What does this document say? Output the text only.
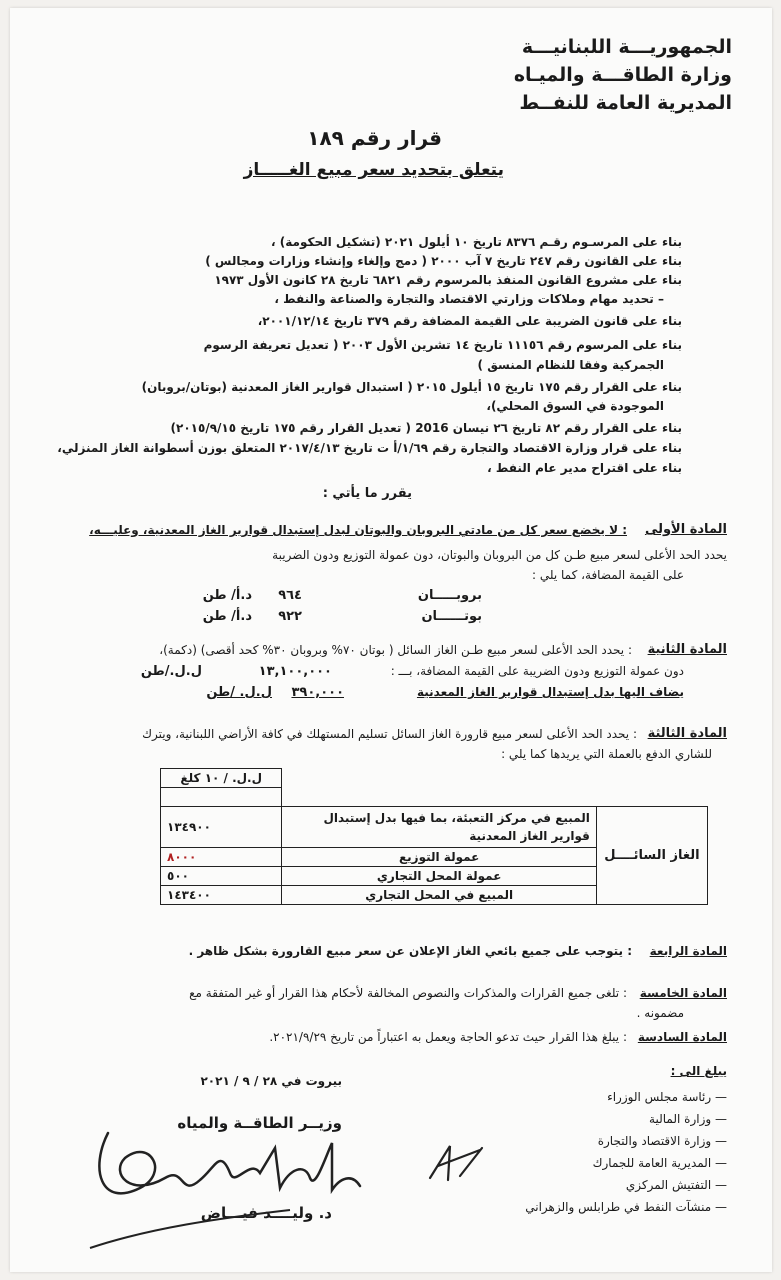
الجمهوريـــة اللبنانيـــة
وزارة الطاقـــة والميـاه
المديرية العامة للنفــط
قرار رقم ١٨٩
يتعلق بتحديد سعر مبيع الغـــــاز
بناء على المرسـوم رقـم ٨٣٧٦ تاريخ ١٠ أيلول ٢٠٢١ (تشكيل الحكومة) ،
بناء على القانون رقم ٢٤٧ تاريخ ٧ آب ٢٠٠٠ ( دمج وإلغاء وإنشاء وزارات ومجالس )
بناء على مشروع القانون المنفذ بالمرسوم رقم ٦٨٢١ تاريخ ٢٨ كانون الأول ١٩٧٣
– تحديد مهام وملاكات وزارتي الاقتصاد والتجارة والصناعة والنفط ،
بناء على قانون الضريبة على القيمة المضافة رقم ٣٧٩ تاريخ ٢٠٠١/١٢/١٤،
بناء على المرسوم رقم ١١١٥٦ تاريخ ١٤ تشرين الأول ٢٠٠٣ ( تعديل تعريفة الرسوم
الجمركية وفقا للنظام المنسق )
بناء على القرار رقم ١٧٥ تاريخ ١٥ أيلول ٢٠١٥ ( استبدال قوارير الغاز المعدنية (بوتان/بروبان)
الموجودة في السوق المحلي)،
بناء على القرار رقم ٨٢ تاريخ ٢٦ نيسان 2016 ( تعديل القرار رقم ١٧٥ تاريخ ٢٠١٥/٩/١٥)
بناء على قرار وزارة الاقتصاد والتجارة رقم ١/٦٩/أ ت تاريخ ٢٠١٧/٤/١٣ المتعلق بوزن أسطوانة الغاز المنزلي،
بناء على اقتراح مدير عام النفط ،
يقرر ما يأتي :
المادة الأولى
: لا يخضع سعر كل من مادتي البروبان والبوتان لبدل إستبدال قوارير الغاز المعدنية، وعليـــه،
يحدد الحد الأعلى لسعر مبيع طـن كل من البروبان والبوتان، دون عمولة التوزيع ودون الضريبة
على القيمة المضافة، كما يلي :
بروبـــــان
٩٦٤
د.أ/ طن
بوتــــــان
٩٢٢
د.أ/ طن
المادة الثانية
: يحدد الحد الأعلى لسعر مبيع طـن الغاز السائل ( بوتان ٧٠% وبروبان ٣٠% كحد أقصى) (دكمة)،
دون عمولة التوزيع ودون الضريبة على القيمة المضافة، بـــ :
١٣,١٠٠,٠٠٠
ل.ل./طن
يضاف اليها بدل إستبدال قوارير الغاز المعدنية
٣٩٠,٠٠٠
ل.ل. /طن
المادة الثالثة
: يحدد الحد الأعلى لسعر مبيع قارورة الغاز السائل تسليم المستهلك في كافة الأراضي اللبنانية، ويترك
للشاري الدفع بالعملة التي يريدها كما يلي :
		ل.ل. / ١٠ كلغ

الغاز السائــــل	المبيع في مركز التعبئة، بما فيها بدل إستبدال قوارير الغاز المعدنية	١٣٤٩٠٠
	عمولة التوزيع	٨٠٠٠
	عمولة المحل التجاري	٥٠٠
	المبيع في المحل التجاري	١٤٣٤٠٠
المادة الرابعة
: يتوجب على جميع بائعي الغاز الإعلان عن سعر مبيع القارورة بشكل ظاهر .
المادة الخامسة
: تلغى جميع القرارات والمذكرات والنصوص المخالفة لأحكام هذا القرار أو غير المتفقة مع
مضمونه .
المادة السادسة
: يبلغ هذا القرار حيث تدعو الحاجة ويعمل به اعتباراً من تاريخ ٢٠٢١/٩/٢٩.
بيروت في ٢٨ / ٩ / ٢٠٢١
يبلغ الى :
— رئاسة مجلس الوزراء
— وزارة المالية
— وزارة الاقتصاد والتجارة
— المديرية العامة للجمارك
— التفتيش المركزي
— منشآت النفط في طرابلس والزهراني
وزيــر الطاقــة والمياه
د. وليــــد فيـــاض
